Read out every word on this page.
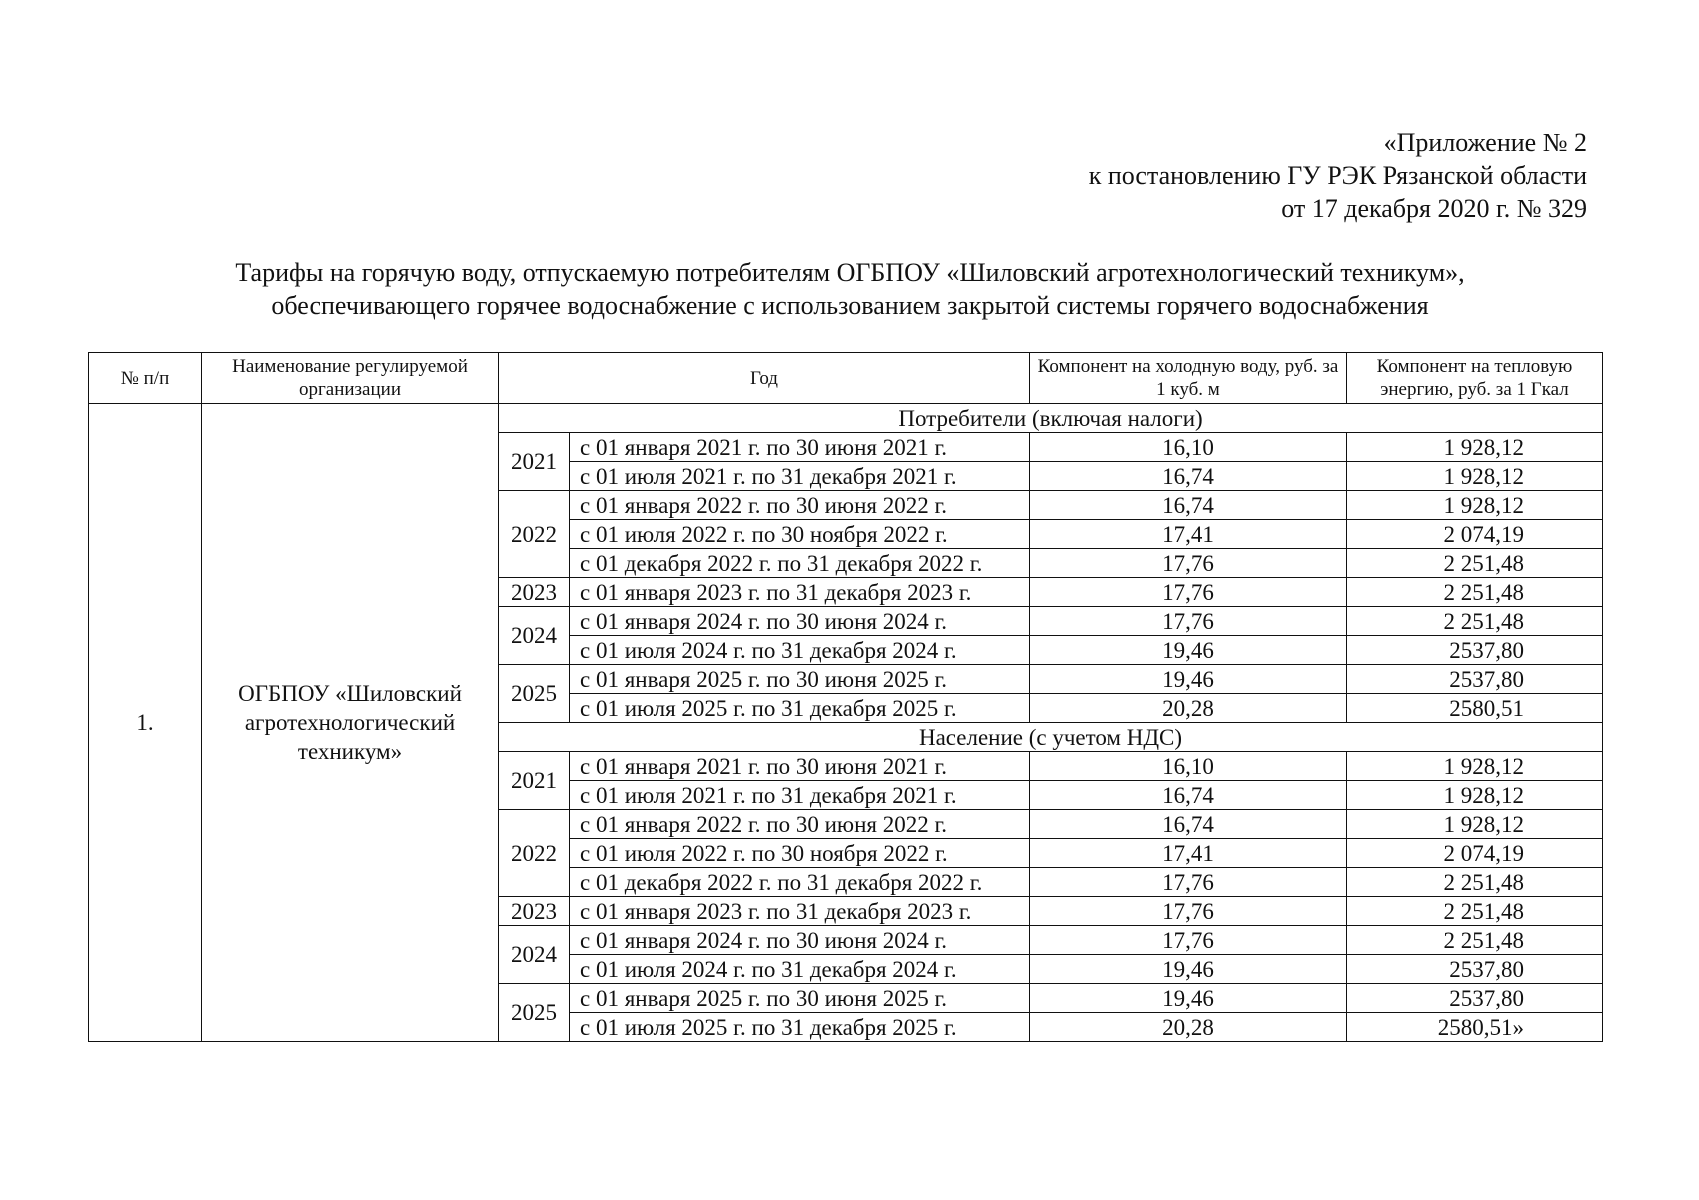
«Приложение № 2
к постановлению ГУ РЭК Рязанской области
от 17 декабря 2020 г. № 329
Тарифы на горячую воду, отпускаемую потребителям ОГБПОУ «Шиловский агротехнологический техникум»,
обеспечивающего горячее водоснабжение с использованием закрытой системы горячего водоснабжения
№ п/п	Наименование регулируемой организации	Год		Компонент на холодную воду, руб. за 1 куб. м	Компонент на тепловую энергию, руб. за 1 Гкал
1.	ОГБПОУ «Шиловский агротехнологический техникум»	Потребители (включая налоги)			
		2021	с 01 января 2021 г. по 30 июня 2021 г.	16,10	1 928,12
			с 01 июля 2021 г. по 31 декабря 2021 г.	16,74	1 928,12
		2022	с 01 января 2022 г. по 30 июня 2022 г.	16,74	1 928,12
			с 01 июля 2022 г. по 30 ноября 2022 г.	17,41	2 074,19
			с 01 декабря 2022 г. по 31 декабря 2022 г.	17,76	2 251,48
		2023	с 01 января 2023 г. по 31 декабря 2023 г.	17,76	2 251,48
		2024	с 01 января 2024 г. по 30 июня 2024 г.	17,76	2 251,48
			с 01 июля 2024 г. по 31 декабря 2024 г.	19,46	2537,80
		2025	с 01 января 2025 г. по 30 июня 2025 г.	19,46	2537,80
			с 01 июля 2025 г. по 31 декабря 2025 г.	20,28	2580,51
		Население (с учетом НДС)			
		2021	с 01 января 2021 г. по 30 июня 2021 г.	16,10	1 928,12
			с 01 июля 2021 г. по 31 декабря 2021 г.	16,74	1 928,12
		2022	с 01 января 2022 г. по 30 июня 2022 г.	16,74	1 928,12
			с 01 июля 2022 г. по 30 ноября 2022 г.	17,41	2 074,19
			с 01 декабря 2022 г. по 31 декабря 2022 г.	17,76	2 251,48
		2023	с 01 января 2023 г. по 31 декабря 2023 г.	17,76	2 251,48
		2024	с 01 января 2024 г. по 30 июня 2024 г.	17,76	2 251,48
			с 01 июля 2024 г. по 31 декабря 2024 г.	19,46	2537,80
		2025	с 01 января 2025 г. по 30 июня 2025 г.	19,46	2537,80
			с 01 июля 2025 г. по 31 декабря 2025 г.	20,28	2580,51»
